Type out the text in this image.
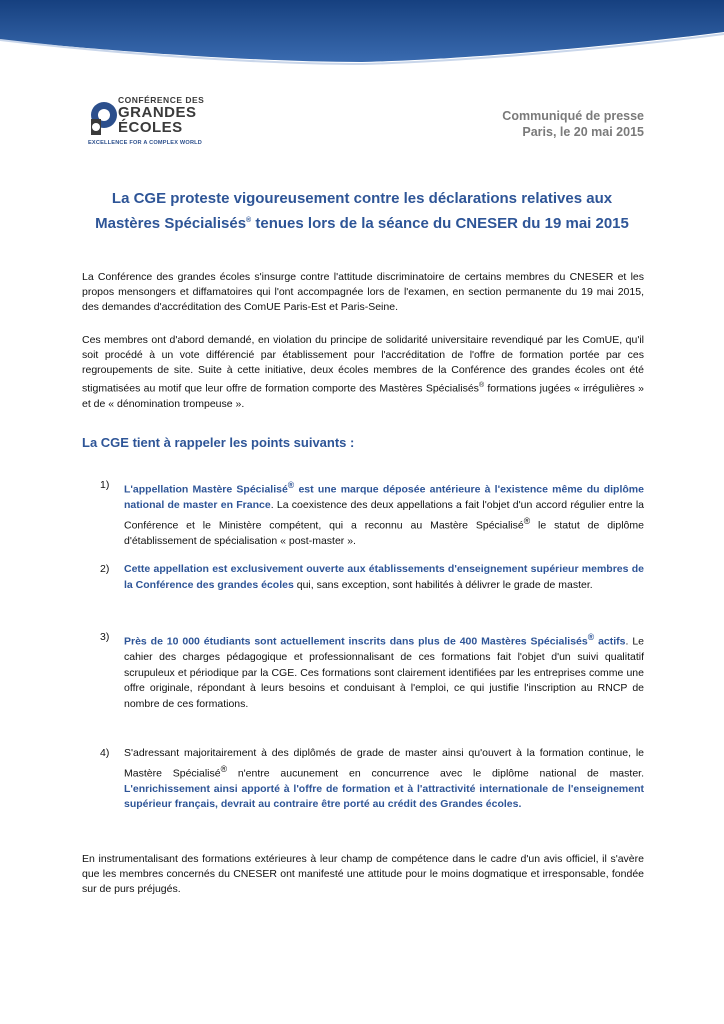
CONFÉRENCE DES
GRANDES
ÉCOLES
EXCELLENCE FOR A COMPLEX WORLD
Communiqué de presse
Paris, le 20 mai 2015
La CGE proteste vigoureusement contre les déclarations relatives aux
Mastères Spécialisés® tenues lors de la séance du CNESER du 19 mai 2015
La Conférence des grandes écoles s'insurge contre l'attitude discriminatoire de certains membres du CNESER et les propos mensongers et diffamatoires qui l'ont accompagnée lors de l'examen, en section permanente du 19 mai 2015, des demandes d'accréditation des ComUE Paris-Est et Paris-Seine.
Ces membres ont d'abord demandé, en violation du principe de solidarité universitaire revendiqué par les ComUE, qu'il soit procédé à un vote différencié par établissement pour l'accréditation de l'offre de formation portée par ces regroupements de site. Suite à cette initiative, deux écoles membres de la Conférence des grandes écoles ont été stigmatisées au motif que leur offre de formation comporte des Mastères Spécialisés® formations jugées « irrégulières » et de « dénomination trompeuse ».
La CGE tient à rappeler les points suivants :
1)	L'appellation Mastère Spécialisé® est une marque déposée antérieure à l'existence même du diplôme national de master en France. La coexistence des deux appellations a fait l'objet d'un accord régulier entre la Conférence et le Ministère compétent, qui a reconnu au Mastère Spécialisé® le statut de diplôme d'établissement de spécialisation « post-master ».
2)	Cette appellation est exclusivement ouverte aux établissements d'enseignement supérieur membres de la Conférence des grandes écoles qui, sans exception, sont habilités à délivrer le grade de master.
3)	Près de 10 000 étudiants sont actuellement inscrits dans plus de 400 Mastères Spécialisés® actifs. Le cahier des charges pédagogique et professionnalisant de ces formations fait l'objet d'un suivi qualitatif scrupuleux et périodique par la CGE. Ces formations sont clairement identifiées par les entreprises comme une offre originale, répondant à leurs besoins et conduisant à l'emploi, ce qui justifie l'inscription au RNCP de nombre de ces formations.
4)	S'adressant majoritairement à des diplômés de grade de master ainsi qu'ouvert à la formation continue, le Mastère Spécialisé® n'entre aucunement en concurrence avec le diplôme national de master. L'enrichissement ainsi apporté à l'offre de formation et à l'attractivité internationale de l'enseignement supérieur français, devrait au contraire être porté au crédit des Grandes écoles.
En instrumentalisant des formations extérieures à leur champ de compétence dans le cadre d'un avis officiel, il s'avère que les membres concernés du CNESER ont manifesté une attitude pour le moins dogmatique et irresponsable, fondée sur de purs préjugés.
